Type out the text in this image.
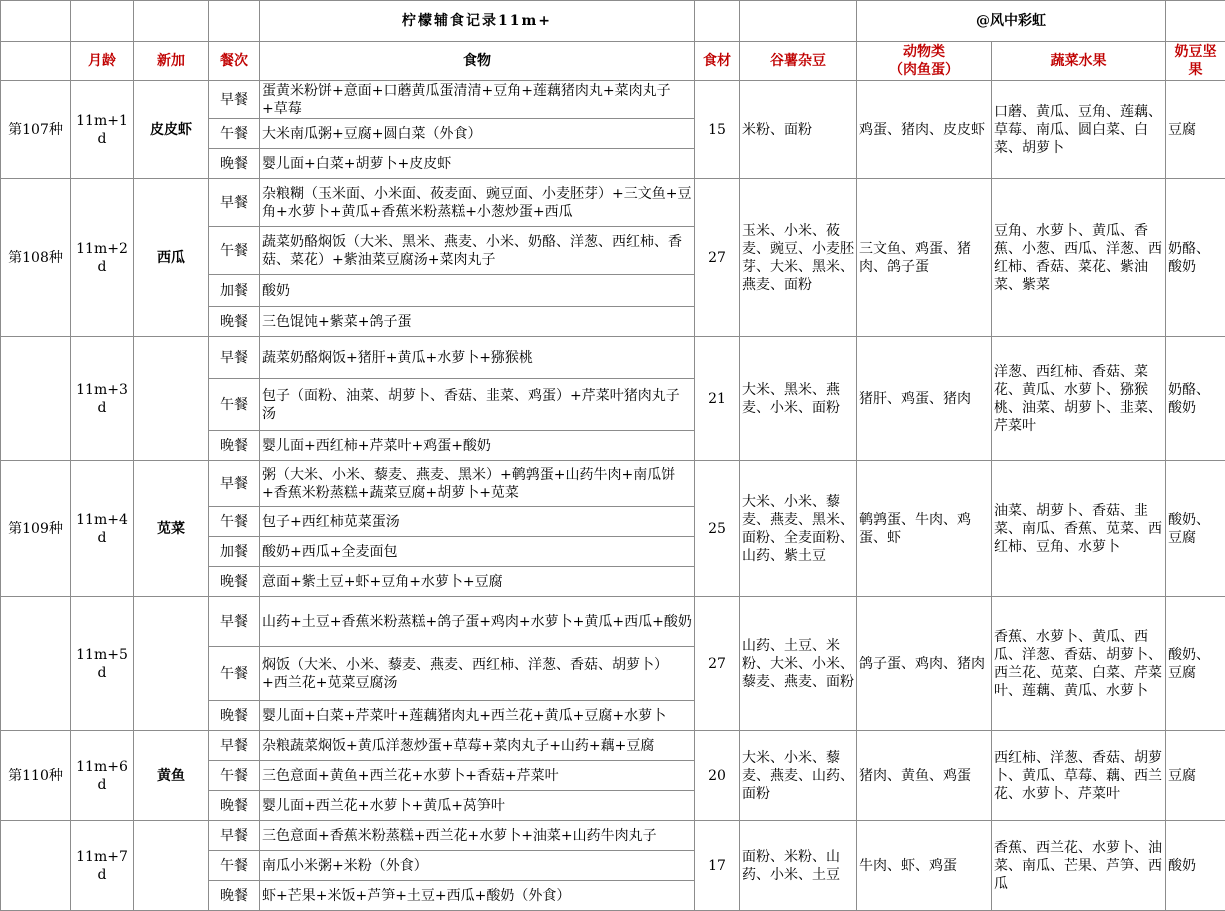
				柠檬辅食记录11m+			@风中彩虹		
	月龄	新加	餐次	食物	食材	谷薯杂豆	动物类
（肉鱼蛋）	蔬菜水果	奶豆坚果
第107种	11m+1d	皮皮虾	早餐	蛋黄米粉饼+意面+口蘑黄瓜蛋清清+豆角+莲藕猪肉丸+菜肉丸子+草莓	15	米粉、面粉	鸡蛋、猪肉、皮皮虾	口蘑、黄瓜、豆角、莲藕、草莓、南瓜、圆白菜、白菜、胡萝卜	豆腐
			午餐	大米南瓜粥+豆腐+圆白菜（外食）					
			晚餐	婴儿面+白菜+胡萝卜+皮皮虾					
第108种	11m+2d	西瓜	早餐	杂粮糊（玉米面、小米面、莜麦面、豌豆面、小麦胚芽）+三文鱼+豆角+水萝卜+黄瓜+香蕉米粉蒸糕+小葱炒蛋+西瓜	27	玉米、小米、莜麦、豌豆、小麦胚芽、大米、黑米、燕麦、面粉	三文鱼、鸡蛋、猪肉、鸽子蛋	豆角、水萝卜、黄瓜、香蕉、小葱、西瓜、洋葱、西红柿、香菇、菜花、紫油菜、紫菜	奶酪、酸奶
			午餐	蔬菜奶酪焖饭（大米、黑米、燕麦、小米、奶酪、洋葱、西红柿、香菇、菜花）+紫油菜豆腐汤+菜肉丸子					
			加餐	酸奶					
			晚餐	三色馄饨+紫菜+鸽子蛋					
	11m+3d		早餐	蔬菜奶酪焖饭+猪肝+黄瓜+水萝卜+猕猴桃	21	大米、黑米、燕麦、小米、面粉	猪肝、鸡蛋、猪肉	洋葱、西红柿、香菇、菜花、黄瓜、水萝卜、猕猴桃、油菜、胡萝卜、韭菜、芹菜叶	奶酪、酸奶
			午餐	包子（面粉、油菜、胡萝卜、香菇、韭菜、鸡蛋）+芹菜叶猪肉丸子汤					
			晚餐	婴儿面+西红柿+芹菜叶+鸡蛋+酸奶					
第109种	11m+4d	苋菜	早餐	粥（大米、小米、藜麦、燕麦、黑米）+鹌鹑蛋+山药牛肉+南瓜饼+香蕉米粉蒸糕+蔬菜豆腐+胡萝卜+苋菜	25	大米、小米、藜麦、燕麦、黑米、面粉、全麦面粉、山药、紫土豆	鹌鹑蛋、牛肉、鸡蛋、虾	油菜、胡萝卜、香菇、韭菜、南瓜、香蕉、苋菜、西红柿、豆角、水萝卜	酸奶、豆腐
			午餐	包子+西红柿苋菜蛋汤					
			加餐	酸奶+西瓜+全麦面包					
			晚餐	意面+紫土豆+虾+豆角+水萝卜+豆腐					
	11m+5d		早餐	山药+土豆+香蕉米粉蒸糕+鸽子蛋+鸡肉+水萝卜+黄瓜+西瓜+酸奶	27	山药、土豆、米粉、大米、小米、藜麦、燕麦、面粉	鸽子蛋、鸡肉、猪肉	香蕉、水萝卜、黄瓜、西瓜、洋葱、香菇、胡萝卜、西兰花、苋菜、白菜、芹菜叶、莲藕、黄瓜、水萝卜	酸奶、豆腐
			午餐	焖饭（大米、小米、藜麦、燕麦、西红柿、洋葱、香菇、胡萝卜）+西兰花+苋菜豆腐汤					
			晚餐	婴儿面+白菜+芹菜叶+莲藕猪肉丸+西兰花+黄瓜+豆腐+水萝卜					
第110种	11m+6d	黄鱼	早餐	杂粮蔬菜焖饭+黄瓜洋葱炒蛋+草莓+菜肉丸子+山药+藕+豆腐	20	大米、小米、藜麦、燕麦、山药、面粉	猪肉、黄鱼、鸡蛋	西红柿、洋葱、香菇、胡萝卜、黄瓜、草莓、藕、西兰花、水萝卜、芹菜叶	豆腐
			午餐	三色意面+黄鱼+西兰花+水萝卜+香菇+芹菜叶					
			晚餐	婴儿面+西兰花+水萝卜+黄瓜+莴笋叶					
	11m+7d		早餐	三色意面+香蕉米粉蒸糕+西兰花+水萝卜+油菜+山药牛肉丸子	17	面粉、米粉、山药、小米、土豆	牛肉、虾、鸡蛋	香蕉、西兰花、水萝卜、油菜、南瓜、芒果、芦笋、西瓜	酸奶
			午餐	南瓜小米粥+米粉（外食）					
			晚餐	虾+芒果+米饭+芦笋+土豆+西瓜+酸奶（外食）					
